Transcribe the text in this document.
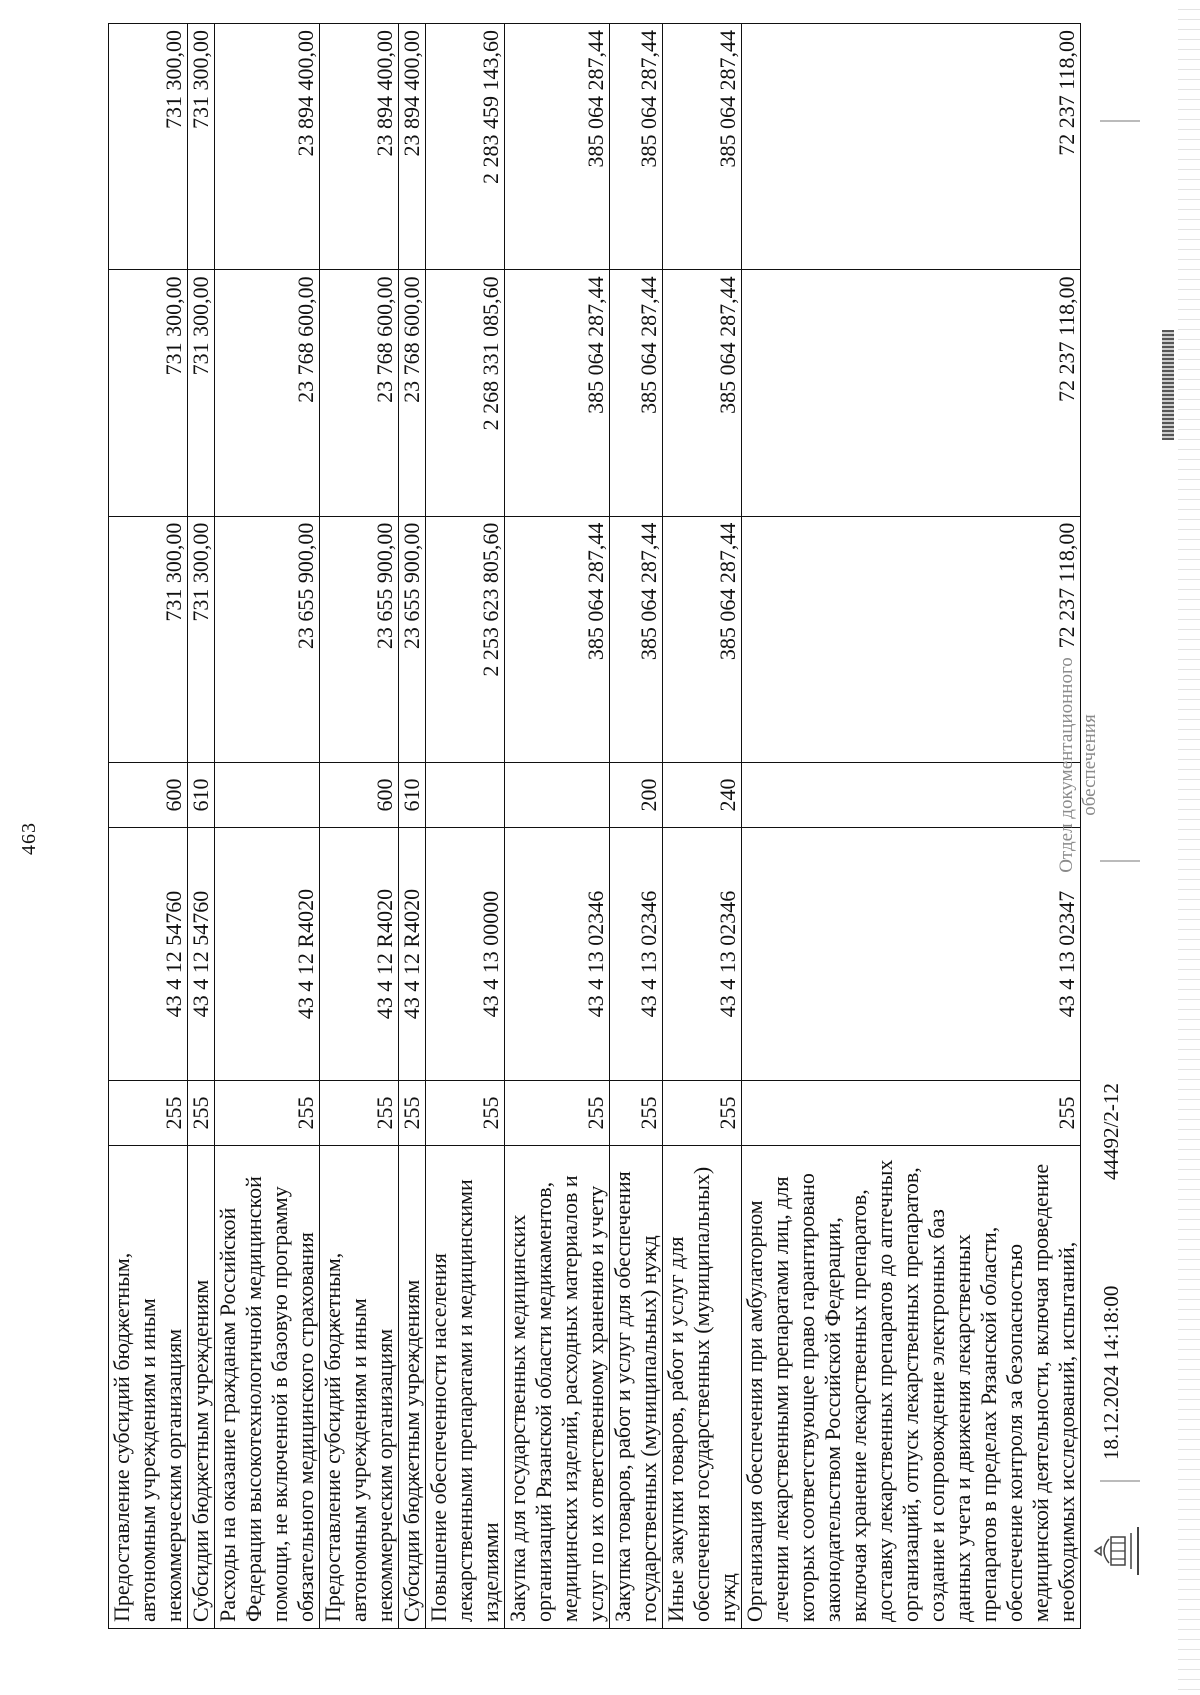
463
Предоставление субсидий бюджетным, автономным учреждениям и иным некоммерческим организациям	255	43 4 12 54760	600	731 300,00	731 300,00	731 300,00
Субсидии бюджетным учреждениям	255	43 4 12 54760	610	731 300,00	731 300,00	731 300,00
Расходы на оказание гражданам Российской Федерации высокотехнологичной медицинской помощи, не включенной в базовую программу обязательного медицинского страхования	255	43 4 12 R4020		23 655 900,00	23 768 600,00	23 894 400,00
Предоставление субсидий бюджетным, автономным учреждениям и иным некоммерческим организациям	255	43 4 12 R4020	600	23 655 900,00	23 768 600,00	23 894 400,00
Субсидии бюджетным учреждениям	255	43 4 12 R4020	610	23 655 900,00	23 768 600,00	23 894 400,00
Повышение обеспеченности населения лекарственными препаратами и медицинскими изделиями	255	43 4 13 00000		2 253 623 805,60	2 268 331 085,60	2 283 459 143,60
Закупка для государственных медицинских организаций Рязанской области медикаментов, медицинских изделий, расходных материалов и услуг по их ответственному хранению и учету	255	43 4 13 02346		385 064 287,44	385 064 287,44	385 064 287,44
Закупка товаров, работ и услуг для обеспечения государственных (муниципальных) нужд	255	43 4 13 02346	200	385 064 287,44	385 064 287,44	385 064 287,44
Иные закупки товаров, работ и услуг для обеспечения государственных (муниципальных) нужд	255	43 4 13 02346	240	385 064 287,44	385 064 287,44	385 064 287,44
Организация обеспечения при амбулаторном лечении лекарственными препаратами лиц, для которых соответствующее право гарантировано законодательством Российской Федерации, включая хранение лекарственных препаратов, доставку лекарственных препаратов до аптечных организаций, отпуск лекарственных препаратов, создание и сопровождение электронных баз данных учета и движения лекарственных препаратов в пределах Рязанской области, обеспечение контроля за безопасностью медицинской деятельности, включая проведение необходимых исследований, испытаний,	255	43 4 13 02347		72 237 118,00	72 237 118,00	72 237 118,00
18.12.2024 14:18:00
44492/2-12
Отдел документационного обеспечения
